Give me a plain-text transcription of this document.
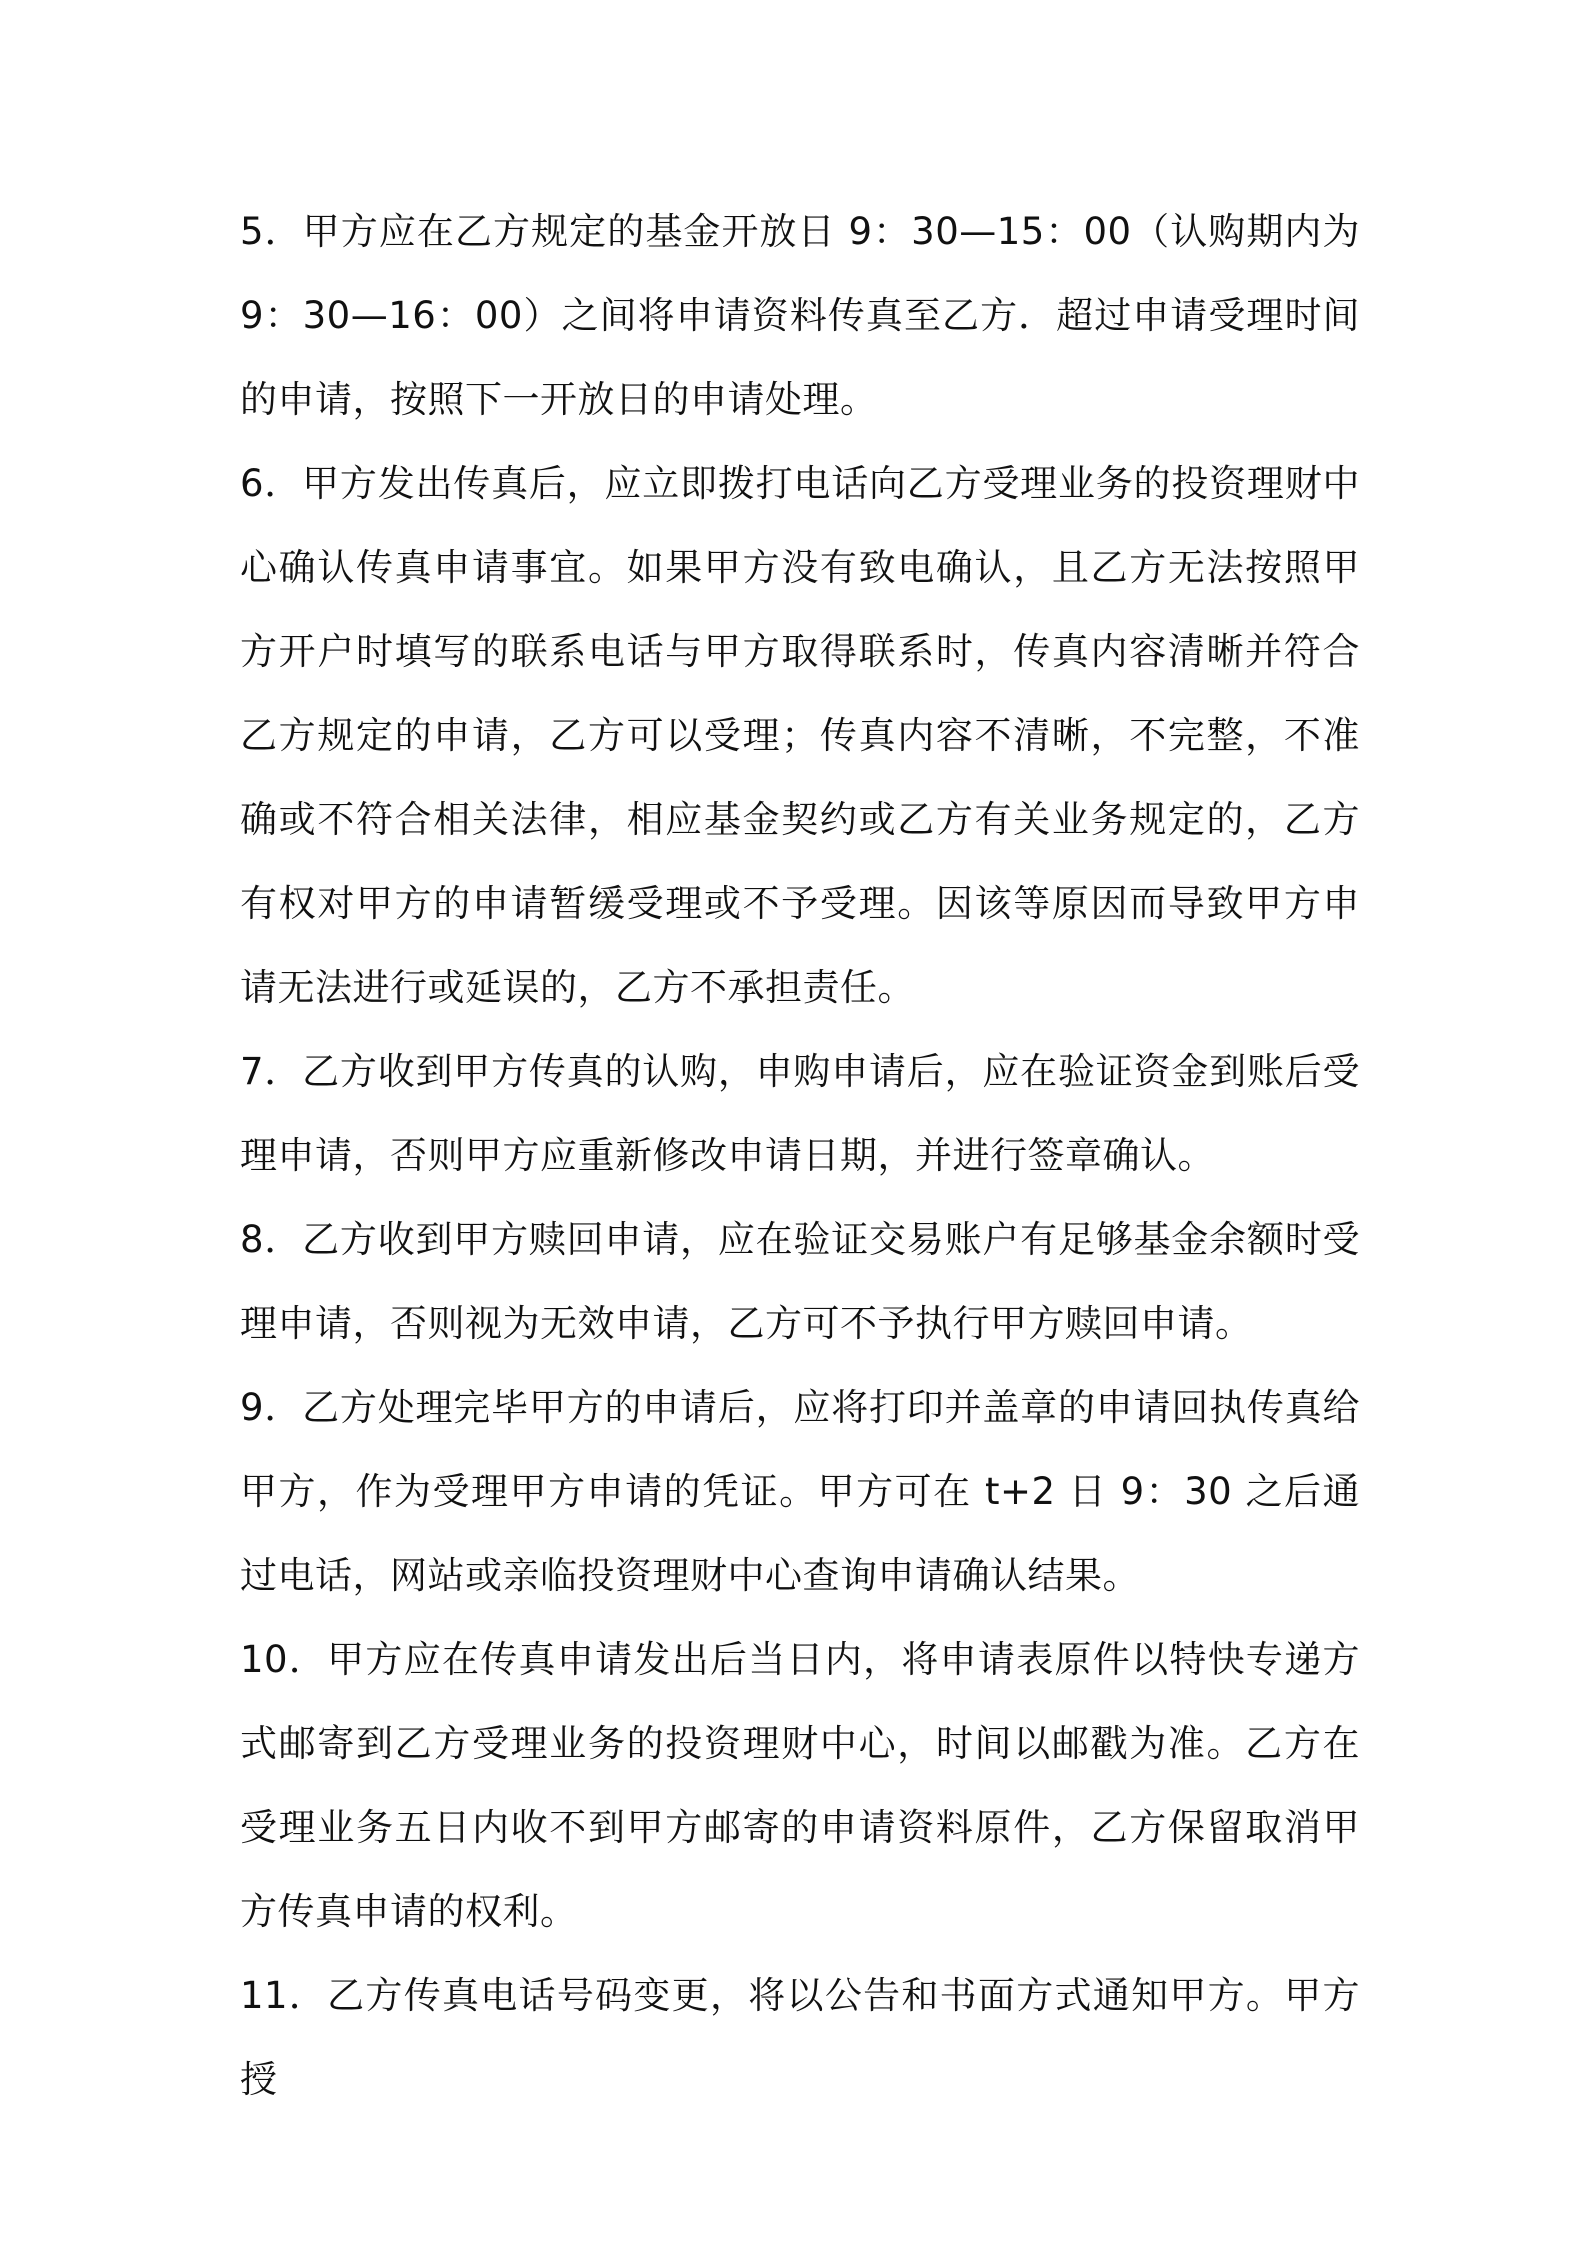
5．甲方应在乙方规定的基金开放日 9：30—15：00（认购期内为 9：30—16：00）之间将申请资料传真至乙方．超过申请受理时间的申请，按照下一开放日的申请处理。

6．甲方发出传真后，应立即拨打电话向乙方受理业务的投资理财中心确认传真申请事宜。如果甲方没有致电确认，且乙方无法按照甲方开户时填写的联系电话与甲方取得联系时，传真内容清晰并符合乙方规定的申请，乙方可以受理；传真内容不清晰，不完整，不准确或不符合相关法律，相应基金契约或乙方有关业务规定的，乙方有权对甲方的申请暂缓受理或不予受理。因该等原因而导致甲方申请无法进行或延误的，乙方不承担责任。

7．乙方收到甲方传真的认购，申购申请后，应在验证资金到账后受理申请，否则甲方应重新修改申请日期，并进行签章确认。

8．乙方收到甲方赎回申请，应在验证交易账户有足够基金余额时受理申请，否则视为无效申请，乙方可不予执行甲方赎回申请。

9．乙方处理完毕甲方的申请后，应将打印并盖章的申请回执传真给甲方，作为受理甲方申请的凭证。甲方可在 t+2 日 9：30 之后通过电话，网站或亲临投资理财中心查询申请确认结果。

10．甲方应在传真申请发出后当日内，将申请表原件以特快专递方式邮寄到乙方受理业务的投资理财中心，时间以邮戳为准。乙方在受理业务五日内收不到甲方邮寄的申请资料原件，乙方保留取消甲方传真申请的权利。

11．乙方传真电话号码变更，将以公告和书面方式通知甲方。甲方授
